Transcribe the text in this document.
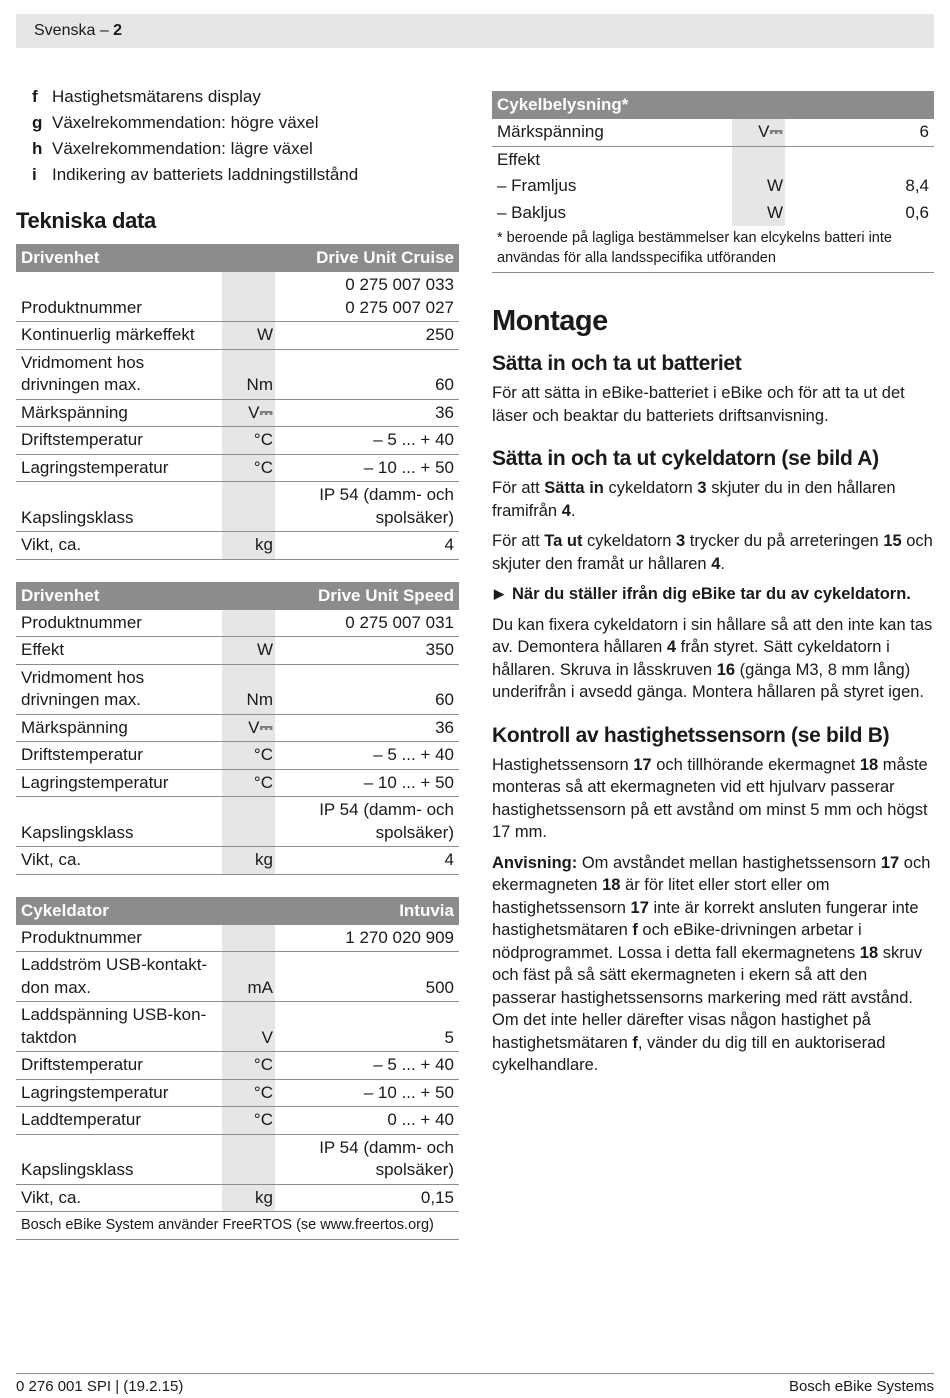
Svenska – 2
f Hastighetsmätarens display
g Växelrekommendation: högre växel
h Växelrekommendation: lägre växel
i Indikering av batteriets laddningstillstånd
Tekniska data
Drivenhet		Drive Unit Cruise
Produktnummer		0 275 007 033
0 275 007 027
Kontinuerlig märkeffekt	W	250
Vridmoment hos drivningen max.	Nm	60
Märkspänning	V⎓	36
Driftstemperatur	°C	– 5 ... + 40
Lagringstemperatur	°C	– 10 ... + 50
Kapslingsklass		IP 54 (damm- och
spolsäker)
Vikt, ca.	kg	4
Drivenhet		Drive Unit Speed
Produktnummer		0 275 007 031
Effekt	W	350
Vridmoment hos drivningen max.	Nm	60
Märkspänning	V⎓	36
Driftstemperatur	°C	– 5 ... + 40
Lagringstemperatur	°C	– 10 ... + 50
Kapslingsklass		IP 54 (damm- och
spolsäker)
Vikt, ca.	kg	4
Cykeldator		Intuvia
Produktnummer		1 270 020 909
Laddström USB-kontakt-don max.	mA	500
Laddspänning USB-kon-taktdon	V	5
Driftstemperatur	°C	– 5 ... + 40
Lagringstemperatur	°C	– 10 ... + 50
Laddtemperatur	°C	0 ... + 40
Kapslingsklass		IP 54 (damm- och
spolsäker)
Vikt, ca.	kg	0,15
Bosch eBike System använder FreeRTOS (se www.freertos.org)		
Cykelbelysning*		
Märkspänning	V⎓	6
Effekt		
– Framljus	W	8,4
– Bakljus	W	0,6
* beroende på lagliga bestämmelser kan elcykelns batteri inte användas för alla landsspecifika utföranden
Montage
Sätta in och ta ut batteriet

För att sätta in eBike-batteriet i eBike och för att ta ut det läser och beaktar du batteriets driftsanvisning.

Sätta in och ta ut cykeldatorn (se bild A)

För att Sätta in cykeldatorn 3 skjuter du in den hållaren framifrån 4.

För att Ta ut cykeldatorn 3 trycker du på arreteringen 15 och skjuter den framåt ur hållaren 4.

▶ När du ställer ifrån dig eBike tar du av cykeldatorn.

Du kan fixera cykeldatorn i sin hållare så att den inte kan tas av. Demontera hållaren 4 från styret. Sätt cykeldatorn i hållaren. Skruva in låsskruven 16 (gänga M3, 8 mm lång) underifrån i avsedd gänga. Montera hållaren på styret igen.

Kontroll av hastighetssensorn (se bild B)

Hastighetssensorn 17 och tillhörande ekermagnet 18 måste monteras så att ekermagneten vid ett hjulvarv passerar hastighetssensorn på ett avstånd om minst 5 mm och högst 17 mm.

Anvisning: Om avståndet mellan hastighetssensorn 17 och ekermagneten 18 är för litet eller stort eller om hastighetssensorn 17 inte är korrekt ansluten fungerar inte hastighetsmätaren f och eBike-drivningen arbetar i nödprogrammet. Lossa i detta fall ekermagnetens 18 skruv och fäst på så sätt ekermagneten i ekern så att den passerar hastighetssensorns markering med rätt avstånd. Om det inte heller därefter visas någon hastighet på hastighetsmätaren f, vänder du dig till en auktoriserad cykelhandlare.

0 276 001 SPI | (19.2.15)	Bosch eBike Systems
